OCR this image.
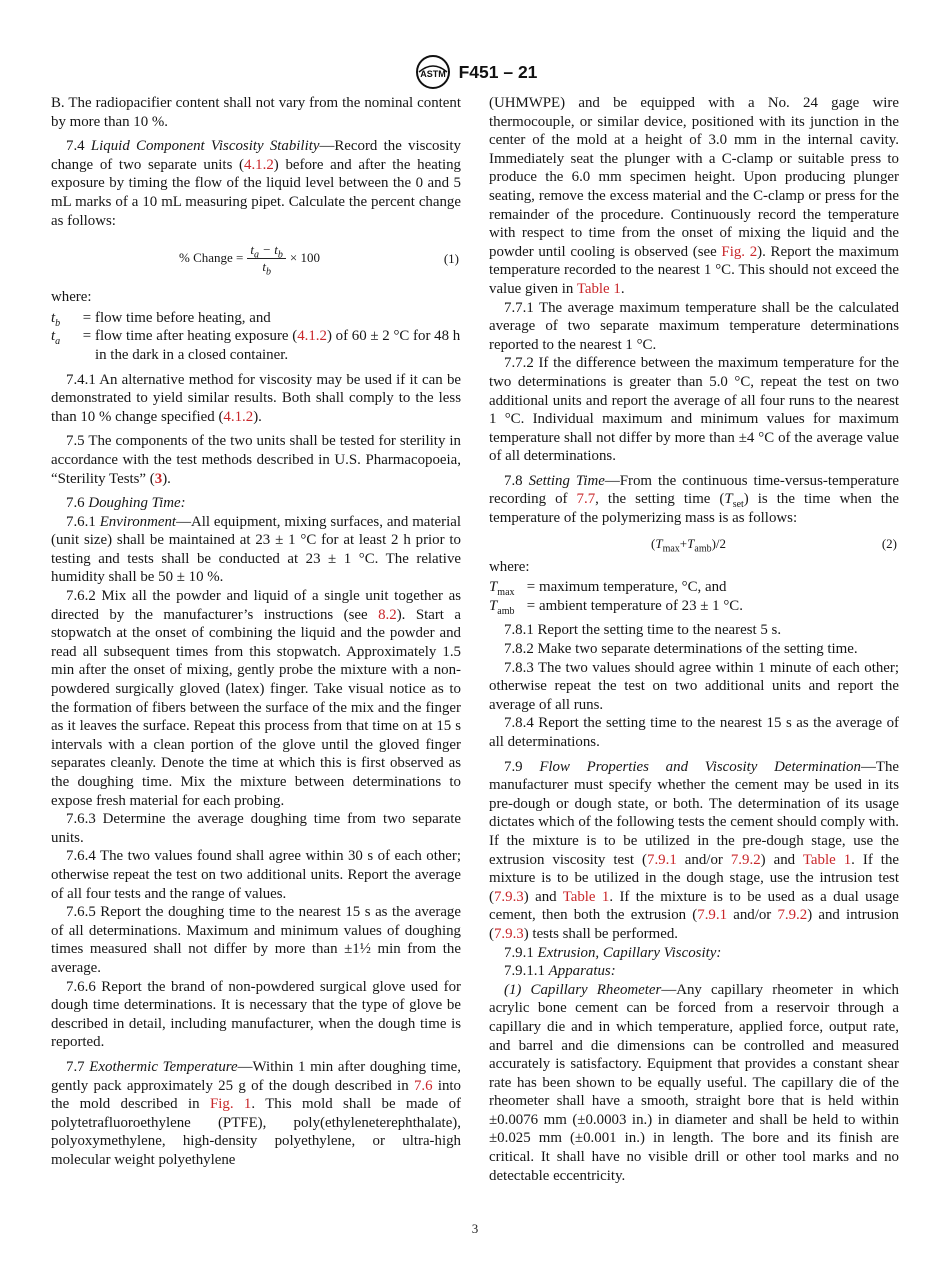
ASTM F451 – 21

B. The radiopacifier content shall not vary from the nominal content by more than 10 %.

7.4 Liquid Component Viscosity Stability—Record the viscosity change of two separate units (4.1.2) before and after the heating exposure by timing the flow of the liquid level between the 0 and 5 mL marks of a 10 mL measuring pipet. Calculate the percent change as follows:

% Change = $\frac{t_a - t_b}{t_b} \times 100$	(1)

where:

$t_b$	=	flow time before heating, and
$t_a$	=	flow time after heating exposure (4.1.2) of 60 ± 2 °C for 48 h in the dark in a closed container.

7.4.1 An alternative method for viscosity may be used if it can be demonstrated to yield similar results. Both shall comply to the less than 10 % change specified (4.1.2).

7.5 The components of the two units shall be tested for sterility in accordance with the test methods described in U.S. Pharmacopoeia, “Sterility Tests” (3).

7.6 Doughing Time:

7.6.1 Environment—All equipment, mixing surfaces, and material (unit size) shall be maintained at 23 ± 1 °C for at least 2 h prior to testing and tests shall be conducted at 23 ± 1 °C. The relative humidity shall be 50 ± 10 %.

7.6.2 Mix all the powder and liquid of a single unit together as directed by the manufacturer’s instructions (see 8.2). Start a stopwatch at the onset of combining the liquid and the powder and read all subsequent times from this stopwatch. Approximately 1.5 min after the onset of mixing, gently probe the mixture with a non-powdered surgically gloved (latex) finger. Take visual notice as to the formation of fibers between the surface of the mix and the finger as it leaves the surface. Repeat this process from that time on at 15 s intervals with a clean portion of the glove until the gloved finger separates cleanly. Denote the time at which this is first observed as the doughing time. Mix the mixture between determinations to expose fresh material for each probing.

7.6.3 Determine the average doughing time from two separate units.

7.6.4 The two values found shall agree within 30 s of each other; otherwise repeat the test on two additional units. Report the average of all four tests and the range of values.

7.6.5 Report the doughing time to the nearest 15 s as the average of all determinations. Maximum and minimum values of doughing times measured shall not differ by more than ±1½ min from the average.

7.6.6 Report the brand of non-powdered surgical glove used for dough time determinations. It is necessary that the type of glove be described in detail, including manufacturer, when the dough time is reported.

7.7 Exothermic Temperature—Within 1 min after doughing time, gently pack approximately 25 g of the dough described in 7.6 into the mold described in Fig. 1. This mold shall be made of polytetrafluoroethylene (PTFE), poly(ethyleneterephthalate), polyoxymethylene, high-density polyethylene, or ultra-high molecular weight polyethylene

(UHMWPE) and be equipped with a No. 24 gage wire thermocouple, or similar device, positioned with its junction in the center of the mold at a height of 3.0 mm in the internal cavity. Immediately seat the plunger with a C-clamp or suitable press to produce the 6.0 mm specimen height. Upon producing plunger seating, remove the excess material and the C-clamp or press for the remainder of the procedure. Continuously record the temperature with respect to time from the onset of mixing the liquid and the powder until cooling is observed (see Fig. 2). Report the maximum temperature recorded to the nearest 1 °C. This should not exceed the value given in Table 1.

7.7.1 The average maximum temperature shall be the calculated average of two separate maximum temperature determinations reported to the nearest 1 °C.

7.7.2 If the difference between the maximum temperature for the two determinations is greater than 5.0 °C, repeat the test on two additional units and report the average of all four runs to the nearest 1 °C. Individual maximum and minimum values for maximum temperature shall not differ by more than ±4 °C of the average value of all determinations.

7.8 Setting Time—From the continuous time-versus-temperature recording of 7.7, the setting time $(T_{set})$ is the time when the temperature of the polymerizing mass is as follows:

$(T_{max}+T_{amb})/2$	(2)

where:

$T_{max}$	=	maximum temperature, °C, and
$T_{amb}$	=	ambient temperature of 23 ± 1 °C.

7.8.1 Report the setting time to the nearest 5 s.

7.8.2 Make two separate determinations of the setting time.

7.8.3 The two values should agree within 1 minute of each other; otherwise repeat the test on two additional units and report the average of all runs.

7.8.4 Report the setting time to the nearest 15 s as the average of all determinations.

7.9 Flow Properties and Viscosity Determination—The manufacturer must specify whether the cement may be used in its pre-dough or dough state, or both. The determination of its usage dictates which of the following tests the cement should comply with. If the mixture is to be utilized in the pre-dough stage, use the extrusion viscosity test (7.9.1 and/or 7.9.2) and Table 1. If the mixture is to be utilized in the dough stage, use the intrusion test (7.9.3) and Table 1. If the mixture is to be used as a dual usage cement, then both the extrusion (7.9.1 and/or 7.9.2) and intrusion (7.9.3) tests shall be performed.

7.9.1 Extrusion, Capillary Viscosity:

7.9.1.1 Apparatus:

(1) Capillary Rheometer—Any capillary rheometer in which acrylic bone cement can be forced from a reservoir through a capillary die and in which temperature, applied force, output rate, and barrel and die dimensions can be controlled and measured accurately is satisfactory. Equipment that provides a constant shear rate has been shown to be equally useful. The capillary die of the rheometer shall have a smooth, straight bore that is held within ±0.0076 mm (±0.0003 in.) in diameter and shall be held to within ±0.025 mm (±0.001 in.) in length. The bore and its finish are critical. It shall have no visible drill or other tool marks and no detectable eccentricity.

3
